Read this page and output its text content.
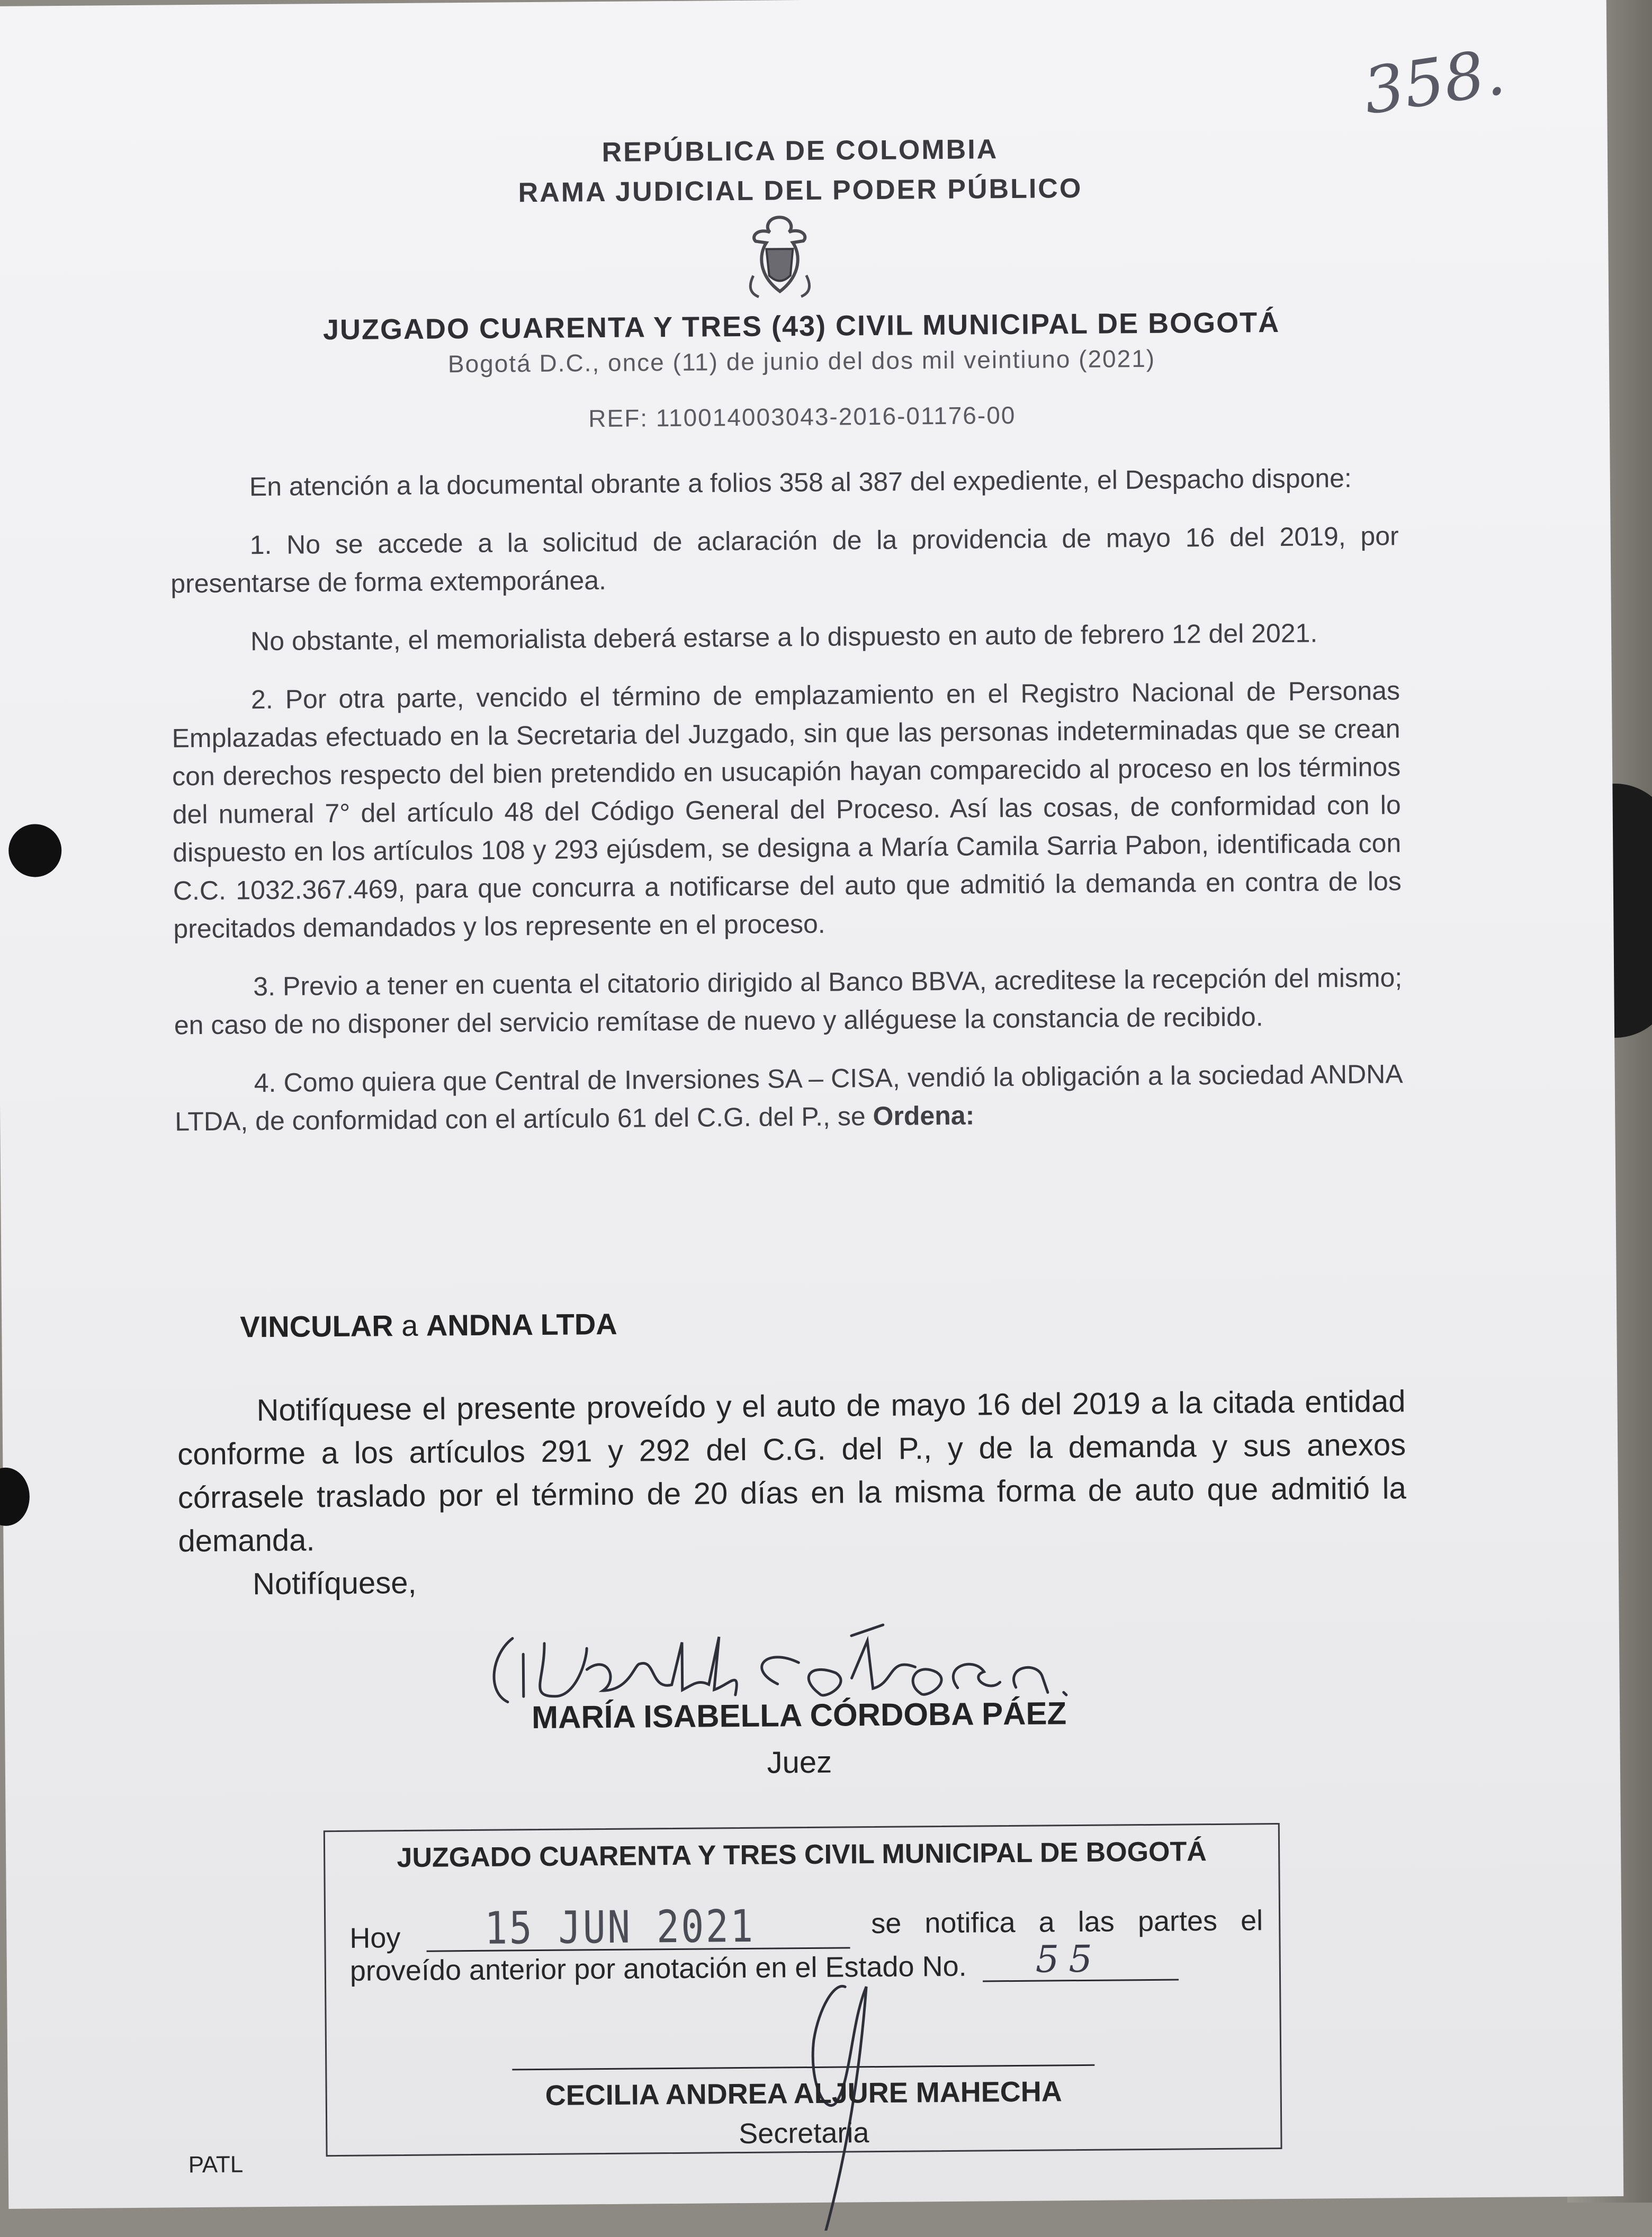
358.
REPÚBLICA DE COLOMBIA
RAMA JUDICIAL DEL PODER PÚBLICO
JUZGADO CUARENTA Y TRES (43) CIVIL MUNICIPAL DE BOGOTÁ
Bogotá D.C., once (11) de junio del dos mil veintiuno (2021)
REF: 110014003043-2016-01176-00

En atención a la documental obrante a folios 358 al 387 del expediente, el Despacho dispone:

1. No se accede a la solicitud de aclaración de la providencia de mayo 16 del 2019, por presentarse de forma extemporánea.

No obstante, el memorialista deberá estarse a lo dispuesto en auto de febrero 12 del 2021.

2. Por otra parte, vencido el término de emplazamiento en el Registro Nacional de Personas Emplazadas efectuado en la Secretaria del Juzgado, sin que las personas indeterminadas que se crean con derechos respecto del bien pretendido en usucapión hayan comparecido al proceso en los términos del numeral 7° del artículo 48 del Código General del Proceso. Así las cosas, de conformidad con lo dispuesto en los artículos 108 y 293 ejúsdem, se designa a María Camila Sarria Pabon, identificada con C.C. 1032.367.469, para que concurra a notificarse del auto que admitió la demanda en contra de los precitados demandados y los represente en el proceso.

3. Previo a tener en cuenta el citatorio dirigido al Banco BBVA, acreditese la recepción del mismo; en caso de no disponer del servicio remítase de nuevo y alléguese la constancia de recibido.

4. Como quiera que Central de Inversiones SA – CISA, vendió la obligación a la sociedad ANDNA LTDA, de conformidad con el artículo 61 del C.G. del P., se Ordena:

VINCULAR a ANDNA LTDA

Notifíquese el presente proveído y el auto de mayo 16 del 2019 a la citada entidad conforme a los artículos 291 y 292 del C.G. del P., y de la demanda y sus anexos córrasele traslado por el término de 20 días en la misma forma de auto que admitió la demanda.

Notifíquese,
MARÍA ISABELLA CÓRDOBA PÁEZ
Juez
JUZGADO CUARENTA Y TRES CIVIL MUNICIPAL DE BOGOTÁ
Hoy 15 JUN 2021	se notifica a las partes el
proveído anterior por anotación en el Estado No. 55
CECILIA ANDREA ALJURE MAHECHA
Secretaria
PATL
